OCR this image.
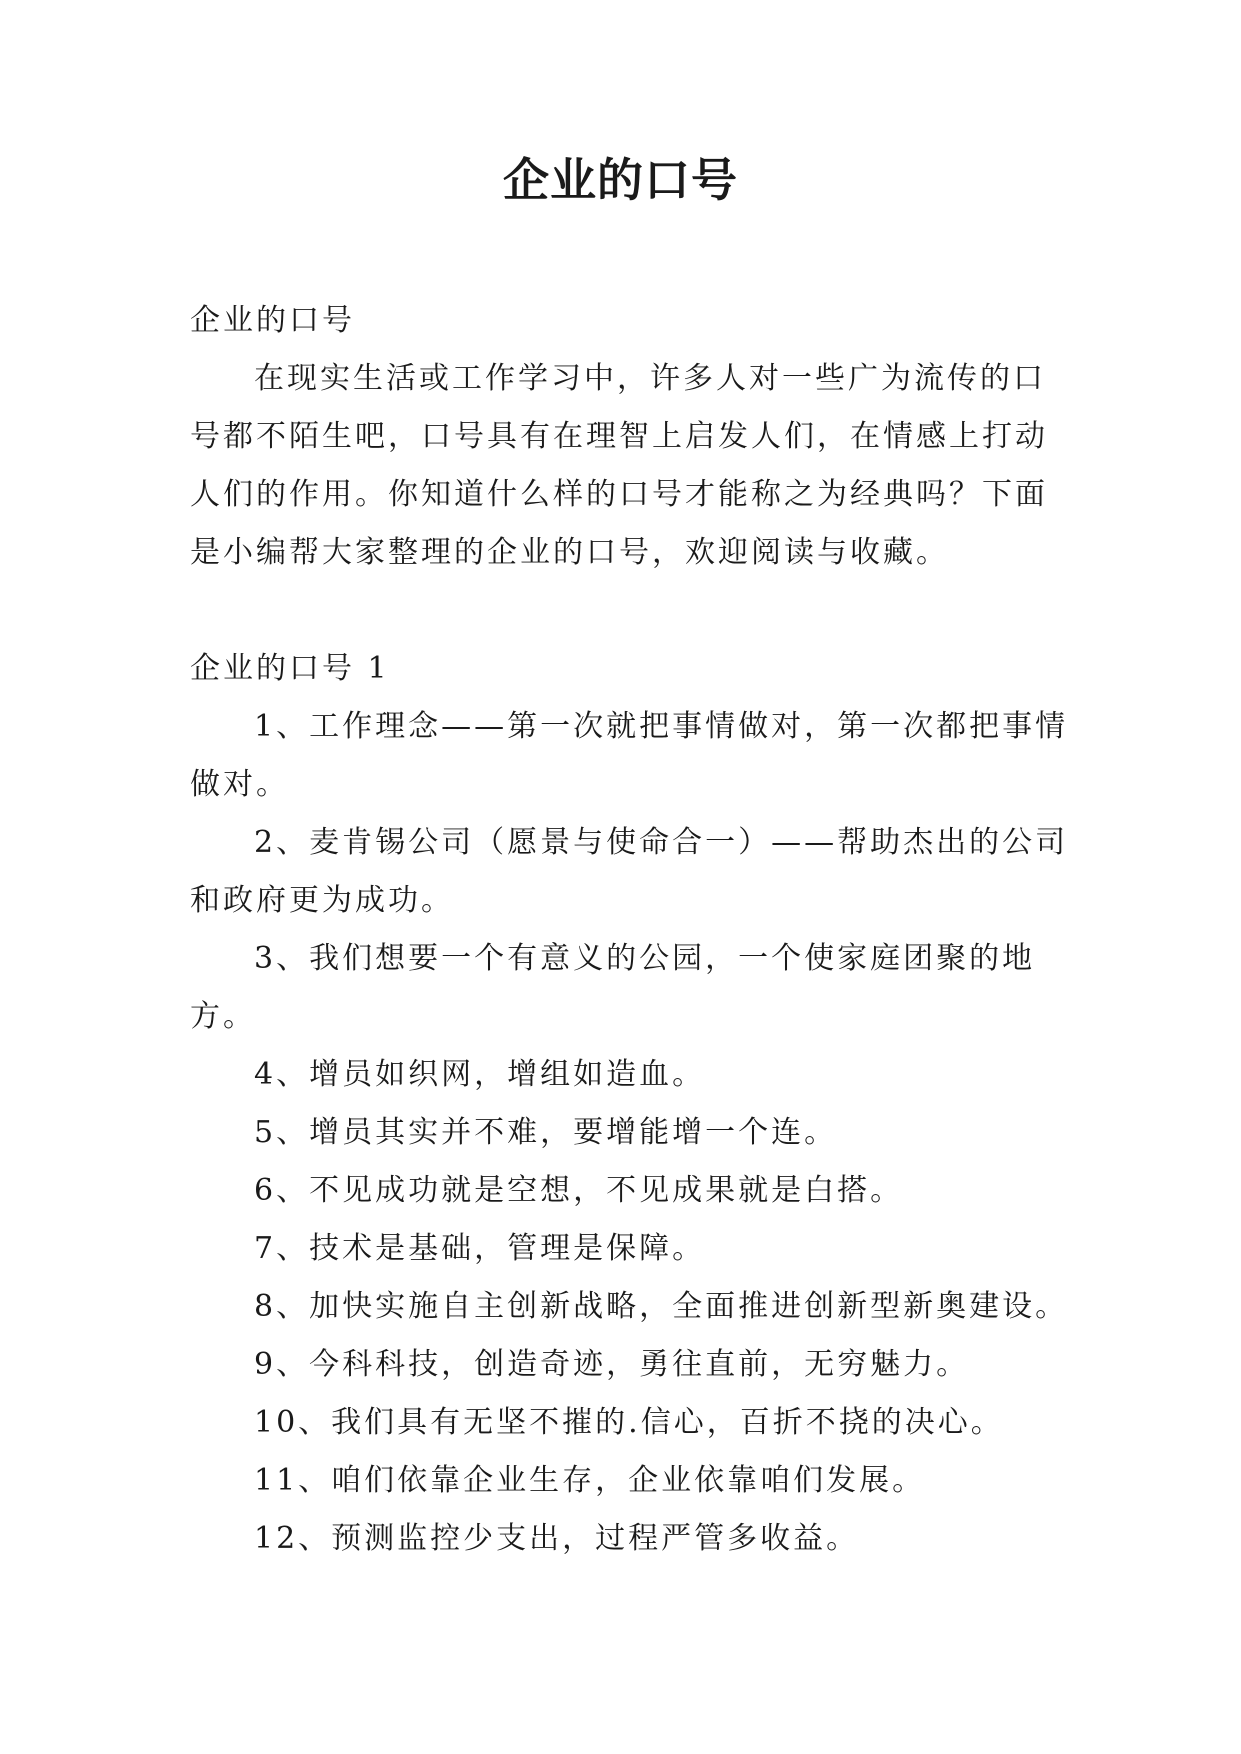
企业的口号

企业的口号

在现实生活或工作学习中，许多人对一些广为流传的口号都不陌生吧，口号具有在理智上启发人们，在情感上打动人们的作用。你知道什么样的口号才能称之为经典吗？下面是小编帮大家整理的企业的口号，欢迎阅读与收藏。

企业的口号 1

1、工作理念——第一次就把事情做对，第一次都把事情做对。

2、麦肯锡公司（愿景与使命合一）——帮助杰出的公司和政府更为成功。

3、我们想要一个有意义的公园，一个使家庭团聚的地方。

4、增员如织网，增组如造血。

5、增员其实并不难，要增能增一个连。

6、不见成功就是空想，不见成果就是白搭。

7、技术是基础，管理是保障。

8、加快实施自主创新战略，全面推进创新型新奥建设。

9、今科科技，创造奇迹，勇往直前，无穷魅力。

10、我们具有无坚不摧的.信心，百折不挠的决心。

11、咱们依靠企业生存，企业依靠咱们发展。

12、预测监控少支出，过程严管多收益。
